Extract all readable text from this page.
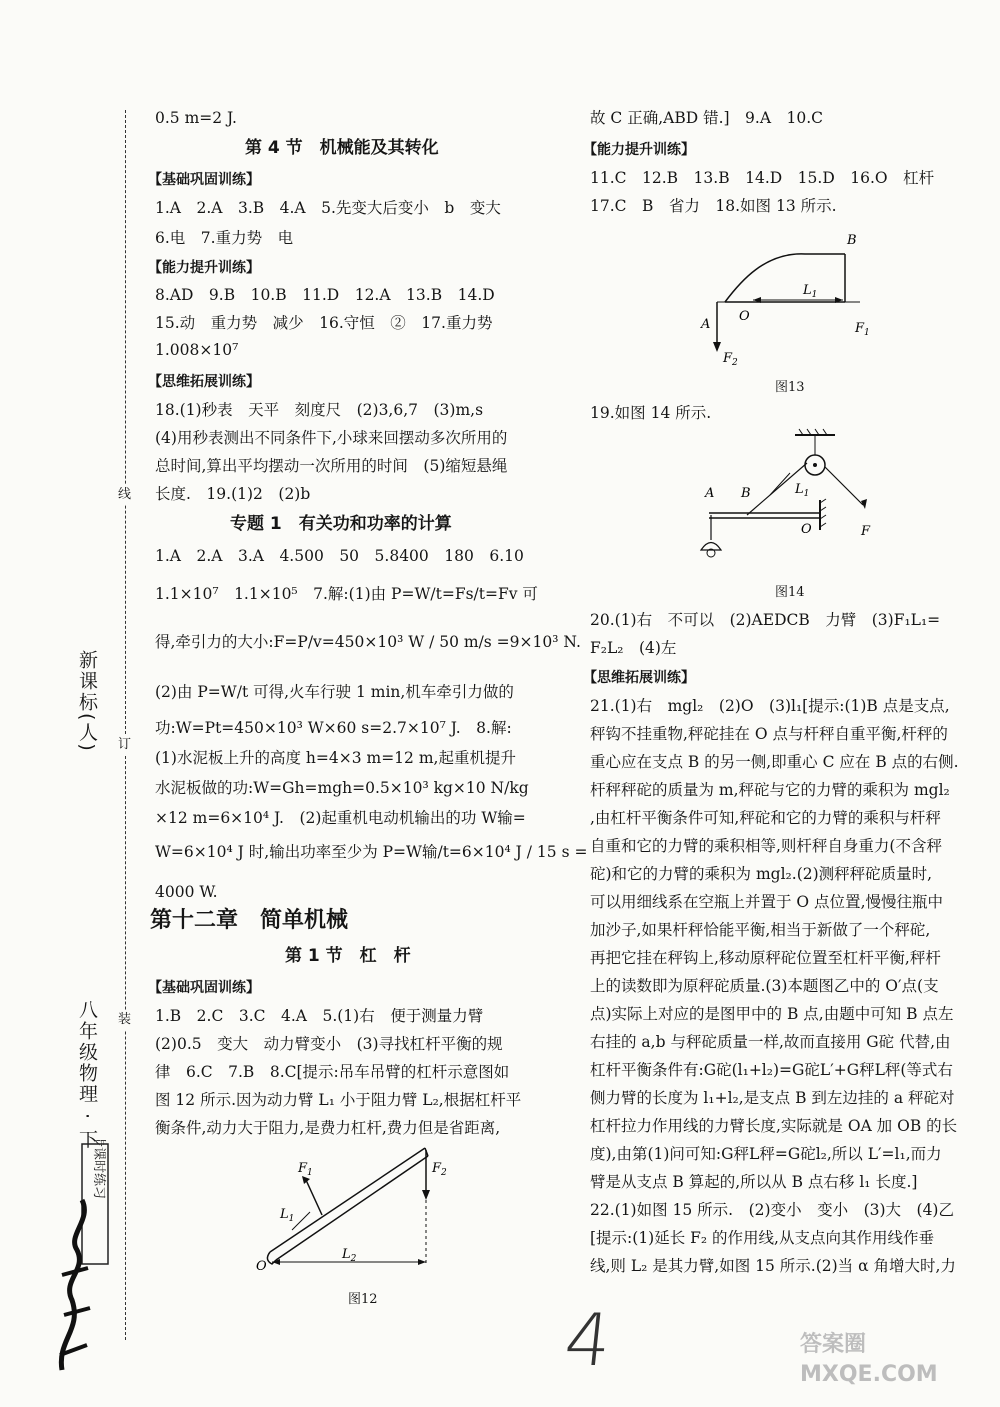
八年级物理 · 下
新课标(人)
线
订
装
同步课时练习
0.5 m=2 J.
第 4 节　机械能及其转化
【基础巩固训练】
1.A　2.A　3.B　4.A　5.先变大后变小　b　变大
6.电　7.重力势　电
【能力提升训练】
8.AD　9.B　10.B　11.D　12.A　13.B　14.D
15.动　重力势　减少　16.守恒　②　17.重力势
1.008×10⁷
【思维拓展训练】
18.(1)秒表　天平　刻度尺　(2)3,6,7　(3)m,s
(4)用秒表测出不同条件下,小球来回摆动多次所用的
总时间,算出平均摆动一次所用的时间　(5)缩短悬绳
长度.　19.(1)2　(2)b
专题 1　有关功和功率的计算
1.A　2.A　3.A　4.500　50　5.8400　180　6.10
1.1×10⁷　1.1×10⁵　7.解:(1)由 P=W/t=Fs/t=Fv 可
得,牵引力的大小:F=P/v=450×10³ W / 50 m/s =9×10³ N.
(2)由 P=W/t 可得,火车行驶 1 min,机车牵引力做的
功:W=Pt=450×10³ W×60 s=2.7×10⁷ J.　8.解:
(1)水泥板上升的高度 h=4×3 m=12 m,起重机提升
水泥板做的功:W=Gh=mgh=0.5×10³ kg×10 N/kg
×12 m=6×10⁴ J.　(2)起重机电动机输出的功 W输=
W=6×10⁴ J 时,输出功率至少为 P=W输/t=6×10⁴ J / 15 s =
4000 W.
第十二章　简单机械
第 1 节　杠　杆
【基础巩固训练】
1.B　2.C　3.C　4.A　5.(1)右　便于测量力臂
(2)0.5　变大　动力臂变小　(3)寻找杠杆平衡的规
律　6.C　7.B　8.C[提示:吊车吊臂的杠杆示意图如
图 12 所示.因为动力臂 L₁ 小于阻力臂 L₂,根据杠杆平
衡条件,动力大于阻力,是费力杠杆,费力但是省距离,
$F_1$	$F_2$
$L_1$
$L_2$
O
图12
故 C 正确,ABD 错.]　9.A　10.C
【能力提升训练】
11.C　12.B　13.B　14.D　15.D　16.O　杠杆
17.C　B　省力　18.如图 13 所示.
B
$L_1$
O
A	$F_1$
$F_2$
图13
19.如图 14 所示.
A B	$L_1$
O	F
图14
20.(1)右　不可以　(2)AEDCB　力臂　(3)F₁L₁=
F₂L₂　(4)左
【思维拓展训练】
21.(1)右　mgl₂　(2)O　(3)l₁[提示:(1)B 点是支点,
秤钩不挂重物,秤砣挂在 O 点与杆秤自重平衡,杆秤的
重心应在支点 B 的另一侧,即重心 C 应在 B 点的右侧.
杆秤秤砣的质量为 m,秤砣与它的力臂的乘积为 mgl₂
,由杠杆平衡条件可知,秤砣和它的力臂的乘积与杆秤
自重和它的力臂的乘积相等,则杆秤自身重力(不含秤
砣)和它的力臂的乘积为 mgl₂.(2)测秤秤砣质量时,
可以用细线系在空瓶上并置于 O 点位置,慢慢往瓶中
加沙子,如果杆秤恰能平衡,相当于新做了一个秤砣,
再把它挂在秤钩上,移动原秤砣位置至杠杆平衡,秤杆
上的读数即为原秤砣质量.(3)本题图乙中的 O′点(支
点)实际上对应的是图甲中的 B 点,由题中可知 B 点左
右挂的 a,b 与秤砣质量一样,故而直接用 G砣 代替,由
杠杆平衡条件有:G砣(l₁+l₂)=G砣L′+G秤L秤(等式右
侧力臂的长度为 l₁+l₂,是支点 B 到左边挂的 a 秤砣对
杠杆拉力作用线的力臂长度,实际就是 OA 加 OB 的长
度),由第(1)问可知:G秤L秤=G砣l₂,所以 L′=l₁,而力
臂是从支点 B 算起的,所以从 B 点右移 l₁ 长度.]
22.(1)如图 15 所示.　(2)变小　变小　(3)大　(4)乙
[提示:(1)延长 F₂ 的作用线,从支点向其作用线作垂
线,则 L₂ 是其力臂,如图 15 所示.(2)当 α 角增大时,力
4	答案圈 MXQE.COM
